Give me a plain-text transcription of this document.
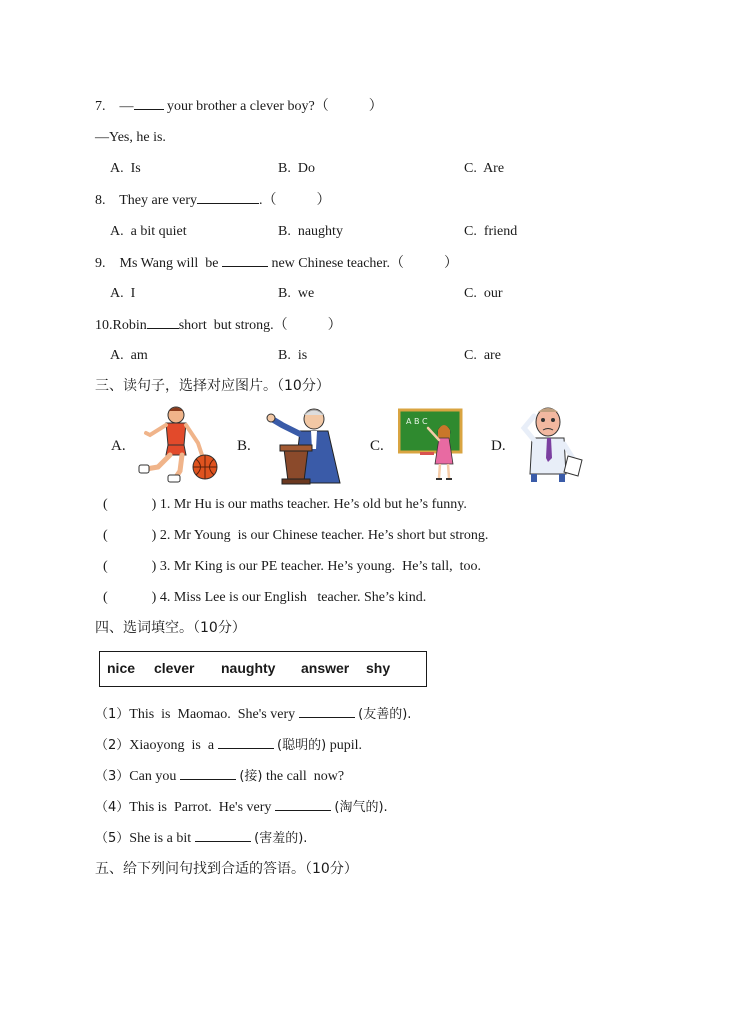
7. — your brother a clever boy?（	）
—Yes, he is.
A.  Is	B.  Do	C.  Are
8. They are very	.（	）
A.  a bit quiet	B.  naughty	C.  friend
9. Ms Wang will  be	new Chinese teacher.（	）
A.  I	B.  we	C.  our
10.Robin short  but strong.（	）
A.  am	B.  is	C.  are
三、读句子，选择对应图片。（10分）
A.	B.	C.	D.
A B C
(	) 1. Mr Hu is our maths teacher. He’s old but he’s funny.
(	) 2. Mr Young  is our Chinese teacher. He’s short but strong.
(	) 3. Mr King is our PE teacher. He’s young.  He’s tall,  too.
(	) 4. Miss Lee is our English   teacher. She’s kind.
四、选词填空。（10分）
nice clever naughty answer shy
（1）This  is  Maomao.  She's very	(友善的).
（2）Xiaoyong  is  a	(聪明的) pupil.
（3）Can you	(接) the call  now?
（4）This is  Parrot.  He's very	(淘气的).
（5）She is a bit	(害羞的).
五、给下列问句找到合适的答语。（10分）
